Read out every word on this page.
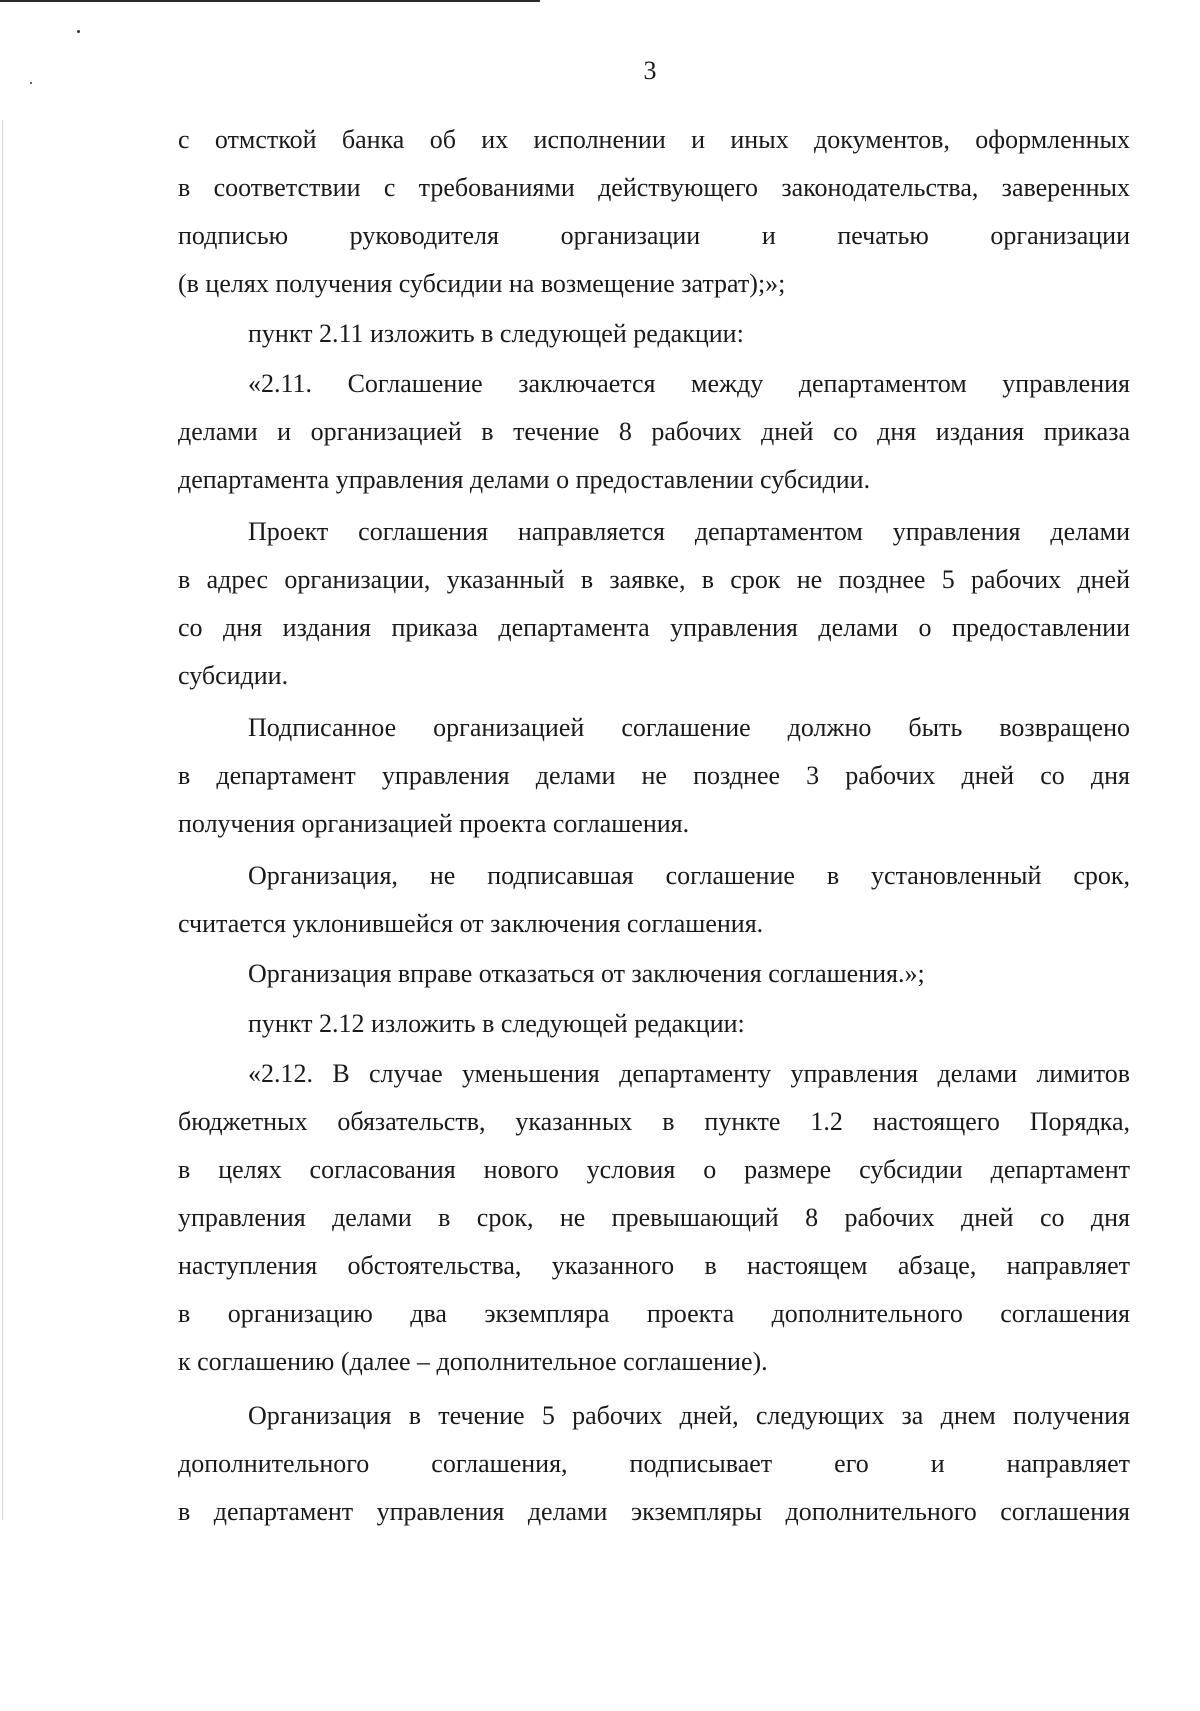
3
с отмсткой банка об их исполнении и иных документов, оформленных
в соответствии с требованиями действующего законодательства, заверенных
подписью руководителя организации и печатью организации
(в целях получения субсидии на возмещение затрат);»;
пункт 2.11 изложить в следующей редакции:
«2.11. Соглашение заключается между департаментом управления
делами и организацией в течение 8 рабочих дней со дня издания приказа
департамента управления делами о предоставлении субсидии.
Проект соглашения направляется департаментом управления делами
в адрес организации, указанный в заявке, в срок не позднее 5 рабочих дней
со дня издания приказа департамента управления делами о предоставлении
субсидии.
Подписанное организацией соглашение должно быть возвращено
в департамент управления делами не позднее 3 рабочих дней со дня
получения организацией проекта соглашения.
Организация, не подписавшая соглашение в установленный срок,
считается уклонившейся от заключения соглашения.
Организация вправе отказаться от заключения соглашения.»;
пункт 2.12 изложить в следующей редакции:
«2.12. В случае уменьшения департаменту управления делами лимитов
бюджетных обязательств, указанных в пункте 1.2 настоящего Порядка,
в целях согласования нового условия о размере субсидии департамент
управления делами в срок, не превышающий 8 рабочих дней со дня
наступления обстоятельства, указанного в настоящем абзаце, направляет
в организацию два экземпляра проекта дополнительного соглашения
к соглашению (далее – дополнительное соглашение).
Организация в течение 5 рабочих дней, следующих за днем получения
дополнительного соглашения, подписывает его и направляет
в департамент управления делами экземпляры дополнительного соглашения
